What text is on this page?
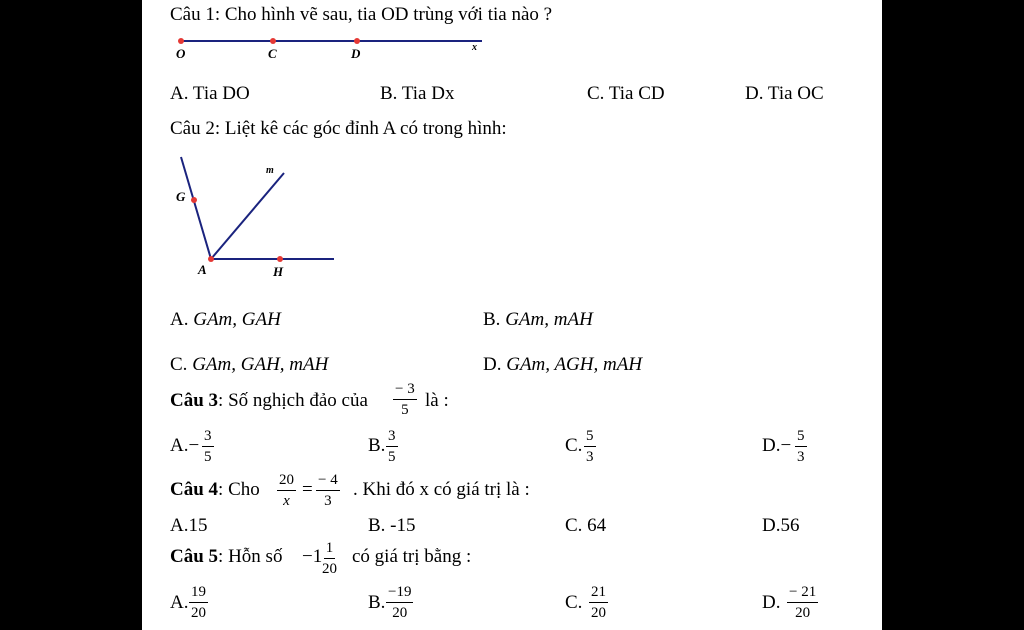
Câu 1: Cho hình vẽ sau, tia OD trùng với tia nào ?
O	C	D	x
A. Tia DO	B. Tia Dx	C. Tia CD	D. Tia OC
Câu 2: Liệt kê các góc đỉnh A có trong hình:
m
G
A	H
A. GAm, GAH	B. GAm, mAH
C. GAm, GAH, mAH	D. GAm, AGH, mAH
Câu 3: Số nghịch đảo của $\frac{- 3}{5}$ là :
$A.- \frac{3}{5}$	B. $\frac{3}{5}$	C. $\frac{5}{3}$	$D.- \frac{5}{3}$
Câu 4: Cho $\frac{20}{x} = \frac{- 4}{3}$ . Khi đó x có giá trị là :
A.15	B. -15	C. 64	D.56
Câu 5: Hỗn số $-1 \frac{1}{20}$ có giá trị bằng :
A. $\frac{19}{20}$	B. $\frac{-19}{20}$	C. $\frac{21}{20}$	D. $\frac{- 21}{20}$
